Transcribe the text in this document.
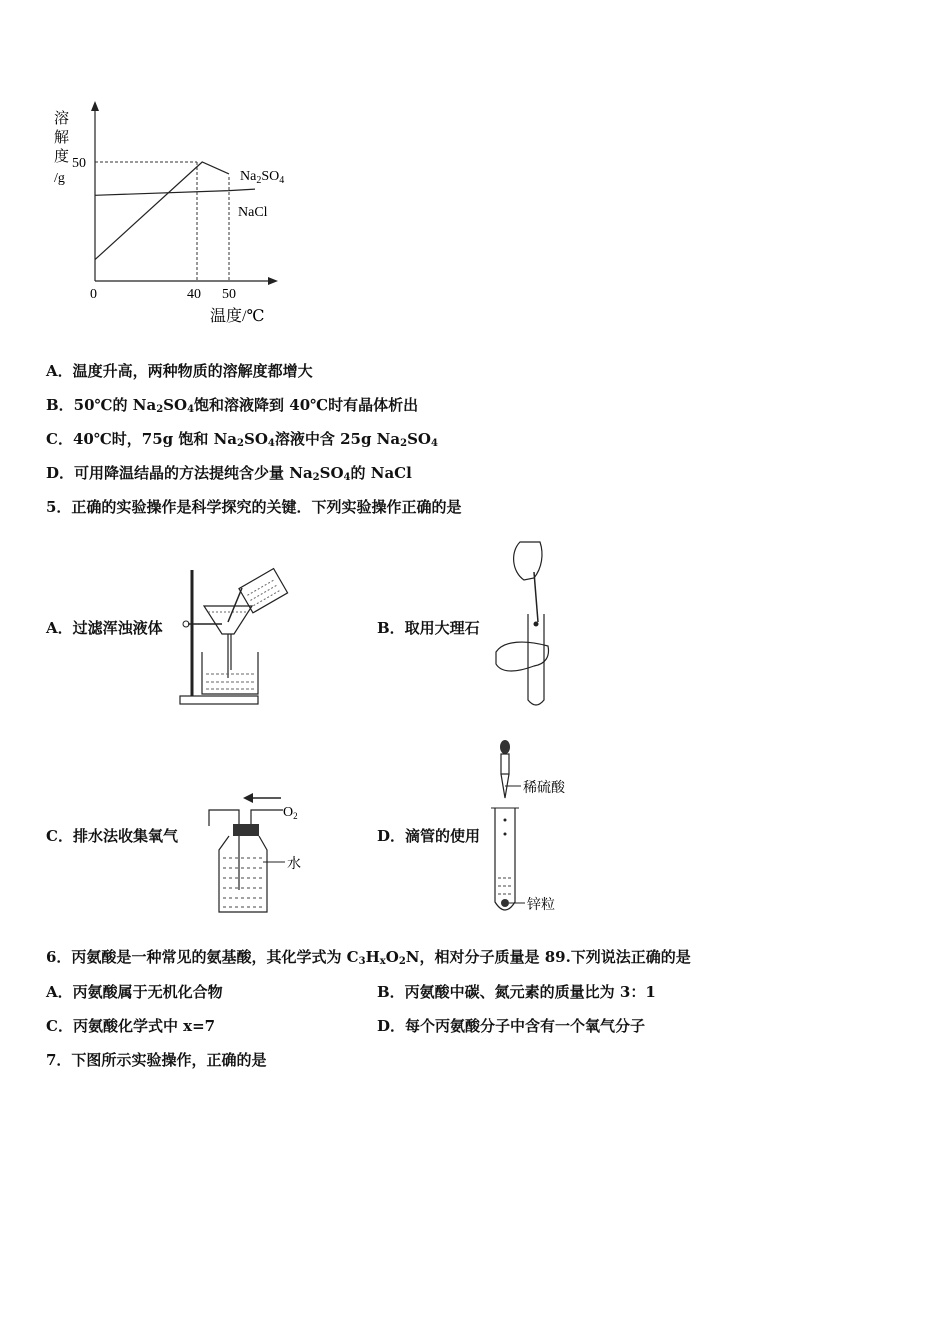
溶
解
度
/g
50
0	40 50
温度/℃
$Na_2SO_4$
NaCl
A．温度升高，两种物质的溶解度都增大
B．50℃的 $Na_2SO_4$饱和溶液降到 40℃时有晶体析出
C．40℃时，75g 饱和 $Na_2SO_4$溶液中含 25g $Na_2SO_4$
D．可用降温结晶的方法提纯含少量 $Na_2SO_4$的 NaCl
5．正确的实验操作是科学探究的关键．下列实验操作正确的是
A．过滤浑浊液体	B．取用大理石
C．排水法收集氧气
$O_2$
水
D．滴管的使用
稀硫酸
锌粒
6．丙氨酸是一种常见的氨基酸，其化学式为 $C_3H_xO_2N$，相对分子质量是 89.下列说法正确的是
A．丙氨酸属于无机化合物	B．丙氨酸中碳、氮元素的质量比为 3：1
C．丙氨酸化学式中 x=7	D．每个丙氨酸分子中含有一个氧气分子
7．下图所示实验操作，正确的是
